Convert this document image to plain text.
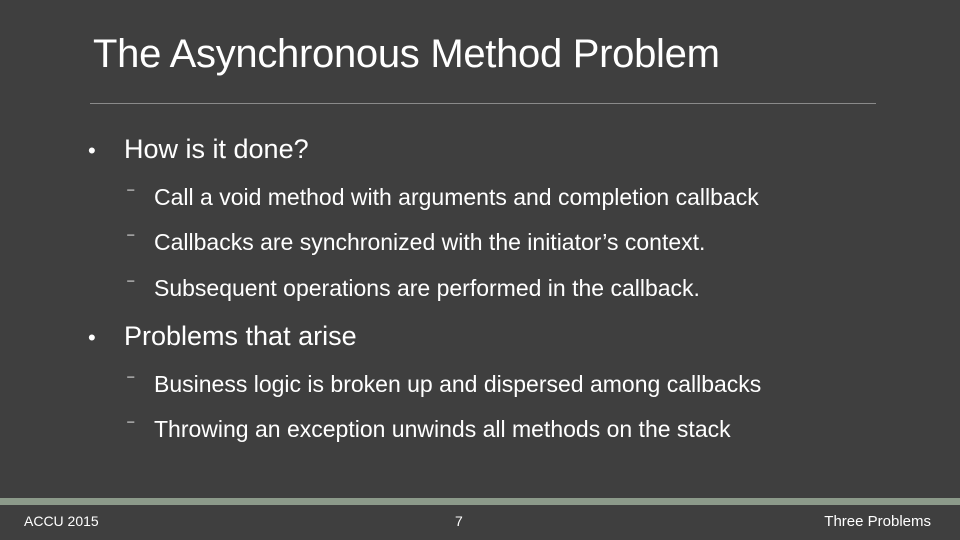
The Asynchronous Method Problem
• How is it done?
⁻ Call a void method with arguments and completion callback
⁻ Callbacks are synchronized with the initiator’s context.
⁻ Subsequent operations are performed in the callback.
• Problems that arise
⁻ Business logic is broken up and dispersed among callbacks
⁻ Throwing an exception unwinds all methods on the stack
ACCU 2015	7	Three Problems
